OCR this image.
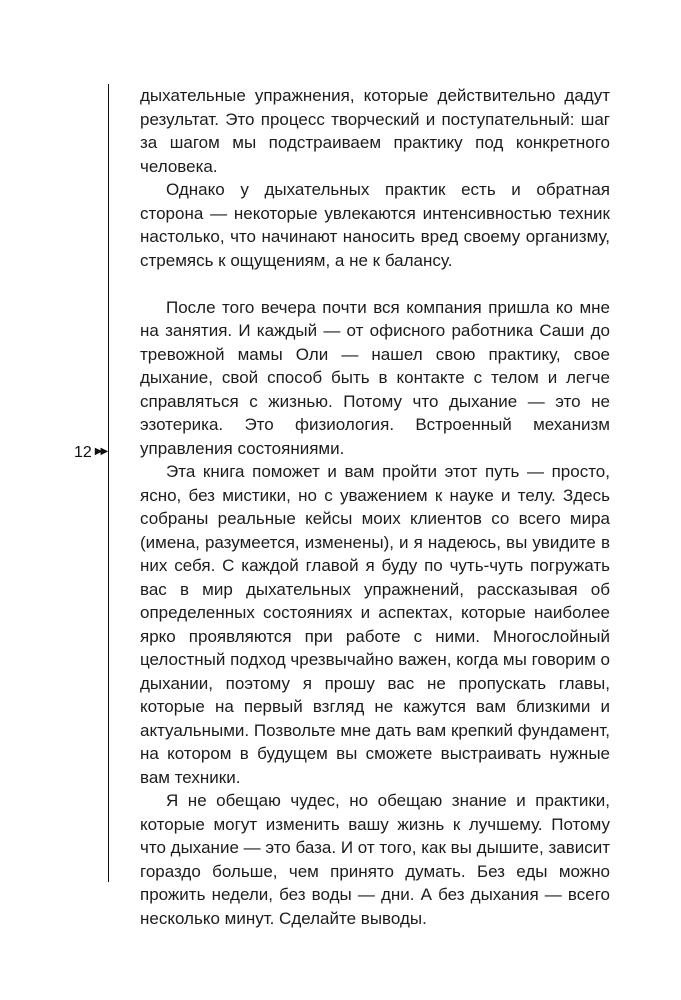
12 ▶▶

дыхательные упражнения, которые действительно дадут результат. Это процесс творческий и поступательный: шаг за шагом мы подстраиваем практику под конкретного человека.

Однако у дыхательных практик есть и обратная сторона — некоторые увлекаются интенсивностью техник настолько, что начинают наносить вред своему организму, стремясь к ощущениям, а не к балансу.

После того вечера почти вся компания пришла ко мне на занятия. И каждый — от офисного работника Саши до тревожной мамы Оли — нашел свою практику, свое дыхание, свой способ быть в контакте с телом и легче справляться с жизнью. Потому что дыхание — это не эзотерика. Это физиология. Встроенный механизм управления состояниями.

Эта книга поможет и вам пройти этот путь — просто, ясно, без мистики, но с уважением к науке и телу. Здесь собраны реальные кейсы моих клиентов со всего мира (имена, разумеется, изменены), и я надеюсь, вы увидите в них себя. С каждой главой я буду по чуть-чуть погружать вас в мир дыхательных упражнений, рассказывая об определенных состояниях и аспектах, которые наиболее ярко проявляются при работе с ними. Многослойный целостный подход чрезвычайно важен, когда мы говорим о дыхании, поэтому я прошу вас не пропускать главы, которые на первый взгляд не кажутся вам близкими и актуальными. Позвольте мне дать вам крепкий фундамент, на котором в будущем вы сможете выстраивать нужные вам техники.

Я не обещаю чудес, но обещаю знание и практики, которые могут изменить вашу жизнь к лучшему. Потому что дыхание — это база. И от того, как вы дышите, зависит гораздо больше, чем принято думать. Без еды можно прожить недели, без воды — дни. А без дыхания — всего несколько минут. Сделайте выводы.
